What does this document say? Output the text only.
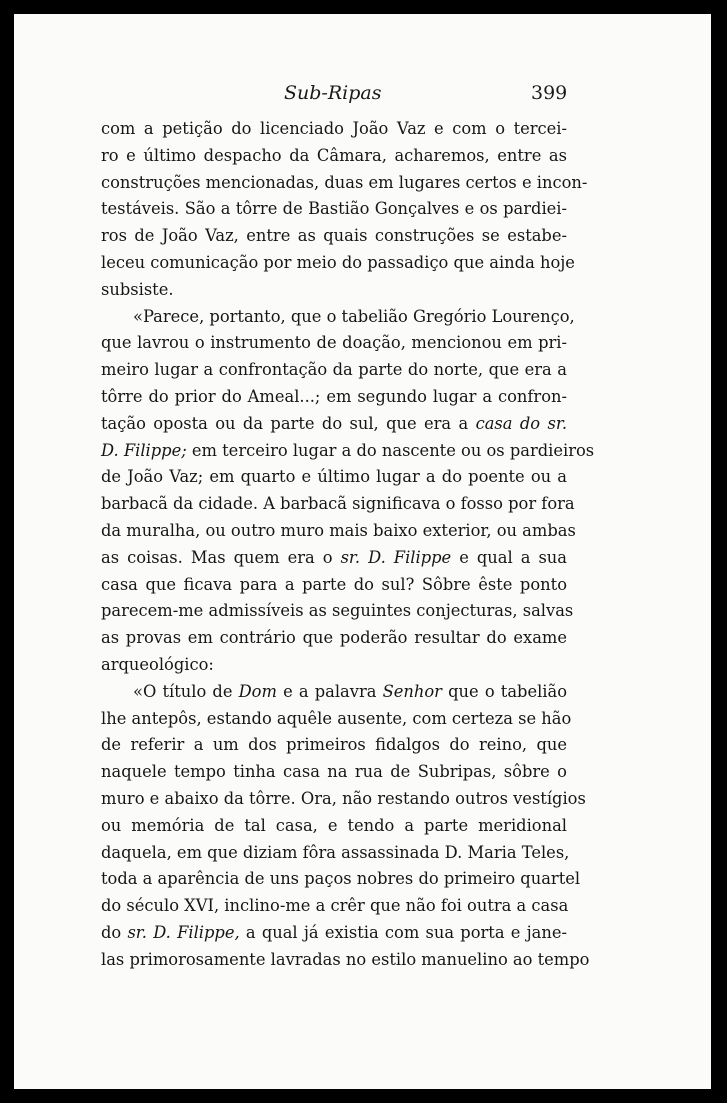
Sub-Ripas	399
com a petição do licenciado João Vaz e com o tercei-
ro e último despacho da Câmara, acharemos, entre as
construções mencionadas, duas em lugares certos e incon-
testáveis. São a tôrre de Bastião Gonçalves e os pardiei-
ros de João Vaz, entre as quais construções se estabe-
leceu comunicação por meio do passadiço que ainda hoje
subsiste.
«Parece, portanto, que o tabelião Gregório Lourenço,
que lavrou o instrumento de doação, mencionou em pri-
meiro lugar a confrontação da parte do norte, que era a
tôrre do prior do Ameal...; em segundo lugar a confron-
tação oposta ou da parte do sul, que era a casa do sr.
D. Filippe; em terceiro lugar a do nascente ou os pardieiros
de João Vaz; em quarto e último lugar a do poente ou a
barbacã da cidade. A barbacã significava o fosso por fora
da muralha, ou outro muro mais baixo exterior, ou ambas
as coisas. Mas quem era o sr. D. Filippe e qual a sua
casa que ficava para a parte do sul? Sôbre êste ponto
parecem-me admissíveis as seguintes conjecturas, salvas
as provas em contrário que poderão resultar do exame
arqueológico:
«O título de Dom e a palavra Senhor que o tabelião
lhe antepôs, estando aquêle ausente, com certeza se hão
de referir a um dos primeiros fidalgos do reino, que
naquele tempo tinha casa na rua de Subripas, sôbre o
muro e abaixo da tôrre. Ora, não restando outros vestígios
ou memória de tal casa, e tendo a parte meridional
daquela, em que diziam fôra assassinada D. Maria Teles,
toda a aparência de uns paços nobres do primeiro quartel
do século XVI, inclino-me a crêr que não foi outra a casa
do sr. D. Filippe, a qual já existia com sua porta e jane-
las primorosamente lavradas no estilo manuelino ao tempo
